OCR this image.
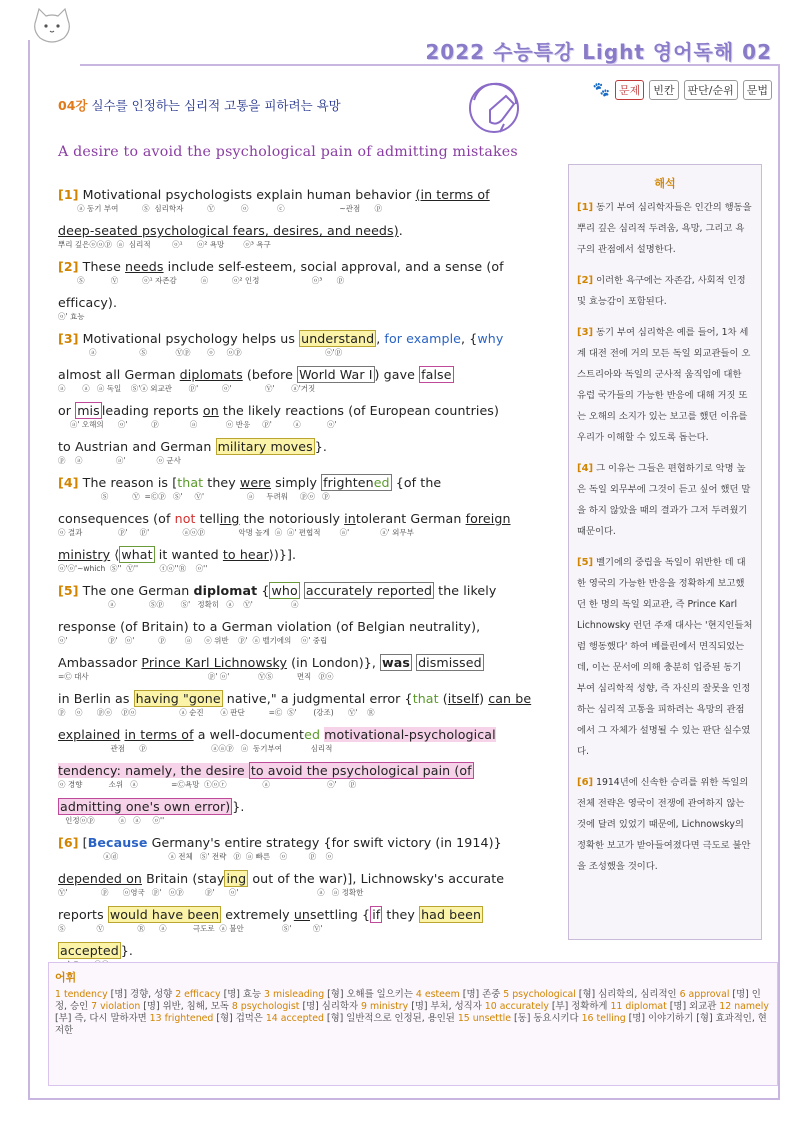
2022 수능특강 Light 영어독해 02
🐾 문제	빈칸	판단/순위	문법
04강 실수를 인정하는 심리적 고통을 피하려는 욕망
A desire to avoid the psychological pain of admitting mistakes
[1] Motivational psychologists explain human behavior (in terms of
ⓐ 동기 부여          Ⓢ  심리학자          Ⓥ           ⓞ            ⓒ                       ~관점      ⓟ
deep-seated psychological fears, desires, and needs).
뿌리 깊은ⓞⓞⓟ  ⓐ  심리적         ⓞ¹      ⓞ² 욕망        ⓞ³ 욕구
[2] These needs include self-esteem, social approval, and a sense (of
Ⓢ           Ⓥ          ⓞ¹ 자존감          ⓐ          ⓞ² 인정                      ⓞ³      ⓟ
efficacy).
ⓞ' 효능
[3] Motivational psychology helps us understand , for example, {why
ⓐ                  Ⓢ            Ⓥⓟ       ⓞ     ⓞⓟ                                   ⓞ'ⓟ
almost all German diplomats (before World War I ) gave false
ⓐ       ⓐ   ⓐ 독일    Ⓢ'ⓐ 외교관       ⓟ'          ⓞ'              Ⓥ'       ⓐ'거짓
or mis leading reports on the likely reactions (of European countries)
ⓐ' 오해의      ⓞ'          ⓟ             ⓐ            ⓞ 반응     ⓟ'         ⓐ           ⓞ'
to Austrian and German military moves }.
ⓟ    ⓐ              ⓐ'             ⓞ 군사
[4] The reason is [that they were simply frightened {of the
Ⓢ          Ⓥ  =Ⓒⓟ   Ⓢ'     Ⓥ'                  ⓐ     두려워     ⓟⓞ   ⓟ
consequences (of not telling the notoriously intolerant German foreign
ⓞ 결과               ⓟ'     ⓟ'              ⓐⓞⓟ              악명 높게  ⓐ  ⓐ' 편협적        ⓐ'             ⓐ' 외무부
ministry ⟨ what it wanted to hear⟩)}].
ⓞ'ⓞ'~which  Ⓢ''  Ⓥ''         ⓣⓞ''Ⓡ    ⓞ''
[5] The one German diplomat { who accurately reported the likely
ⓐ              Ⓢⓟ       Ⓢ'   정확히   ⓐ    Ⓥ'                ⓐ
response (of Britain) to a German violation (of Belgian neutrality),
ⓞ'                 ⓟ'   ⓞ'          ⓟ        ⓐ     ⓞ 위반    ⓟ'  ⓐ 벨기에의    ⓞ' 중립
Ambassador Prince Karl Lichnowsky (in London)}, was dismissed
=Ⓒ 대사                                                  ⓟ' ⓞ'            ⓋⓈ          면직   ⓟⓞ
in Berlin as having "gone native," a judgmental error {that (itself) can be
ⓟ    ⓞ      ⓟⓞ    ⓟⓞ                  ⓐ 순진       ⓐ 판단          =Ⓒ  Ⓢ'       (강조)      Ⓥ'    Ⓡ
explained in terms of a well-documented motivational-psychological
관점      ⓟ                           ⓐⓐⓟ   ⓐ  동기부여            심리적
tendency: namely, the desire to avoid the psychological pain (of
ⓞ 경향           소위   ⓐ              =Ⓒ욕망  ⓣⓞⓡ               ⓐ                        ⓞ'     ⓟ
admitting one's own error) }.
인정ⓞⓟ          ⓐ   ⓐ     ⓞ''
[6] [Because Germany's entire strategy {for swift victory (in 1914)}
ⓐⓓ                     ⓐ 전체   Ⓢ' 전략   ⓟ  ⓐ 빠른    ⓞ         ⓟ    ⓞ
depended on Britain (stay ing out of the war)], Lichnowsky's accurate
Ⓥ'              ⓟ      ⓞ영국   ⓟ'   ⓞⓟ         ⓟ'      ⓞ'                                 ⓐ   ⓐ 정확한
reports would have been extremely unsettling { if they had been
Ⓢ             Ⓥ              Ⓡ      ⓐ           극도로  ⓐ 불안                Ⓢ'         Ⓥ'
accepted }.
해석
[1] 동기 부여 심리학자들은 인간의 행동을 뿌리 깊은 심리적 두려움, 욕망, 그리고 욕구의 관점에서 설명한다.
[2] 이러한 욕구에는 자존감, 사회적 인정 및 효능감이 포함된다.
[3] 동기 부여 심리학은 예를 들어, 1차 세계 대전 전에 거의 모든 독일 외교관들이 오스트리아와 독일의 군사적 움직임에 대한 유럽 국가들의 가능한 반응에 대해 거짓 또는 오해의 소지가 있는 보고를 했던 이유를 우리가 이해할 수 있도록 돕는다.
[4] 그 이유는 그들은 편협하기로 악명 높은 독일 외무부에 그것이 듣고 싶어 했던 말을 하지 않았을 때의 결과가 그저 두려웠기 때문이다.
[5] 벨기에의 중립을 독일이 위반한 데 대한 영국의 가능한 반응을 정확하게 보고했던 한 명의 독일 외교관, 즉 Prince Karl Lichnowsky 런던 주재 대사는 '현지인들처럼 행동했다' 하여 베를린에서 면직되었는데, 이는 문서에 의해 충분히 입증된 동기 부여 심리학적 성향, 즉 자신의 잘못을 인정하는 심리적 고통을 피하려는 욕망의 관점에서 그 자체가 설명될 수 있는 판단 실수였다.
[6] 1914년에 신속한 승리를 위한 독일의 전체 전략은 영국이 전쟁에 관여하지 않는 것에 달려 있었기 때문에, Lichnowsky의 정확한 보고가 받아들여졌다면 극도로 불안을 조성했을 것이다.
어휘
1 tendency [명] 경향, 성향 2 efficacy [명] 효능 3 misleading [형] 오해를 일으키는 4 esteem [명] 존중 5 psychological [형] 심리학의, 심리적인 6 approval [명] 인정, 승인 7 violation [명] 위반, 침해, 모독 8 psychologist [명] 심리학자 9 ministry [명] 부처, 성직자 10 accurately [부] 정확하게 11 diplomat [명] 외교관 12 namely [부] 즉, 다시 말하자면 13 frightened [형] 겁먹은 14 accepted [형] 일반적으로 인정된, 용인된 15 unsettle [동] 동요시키다 16 telling [명] 이야기하기 [형] 효과적인, 현저한
